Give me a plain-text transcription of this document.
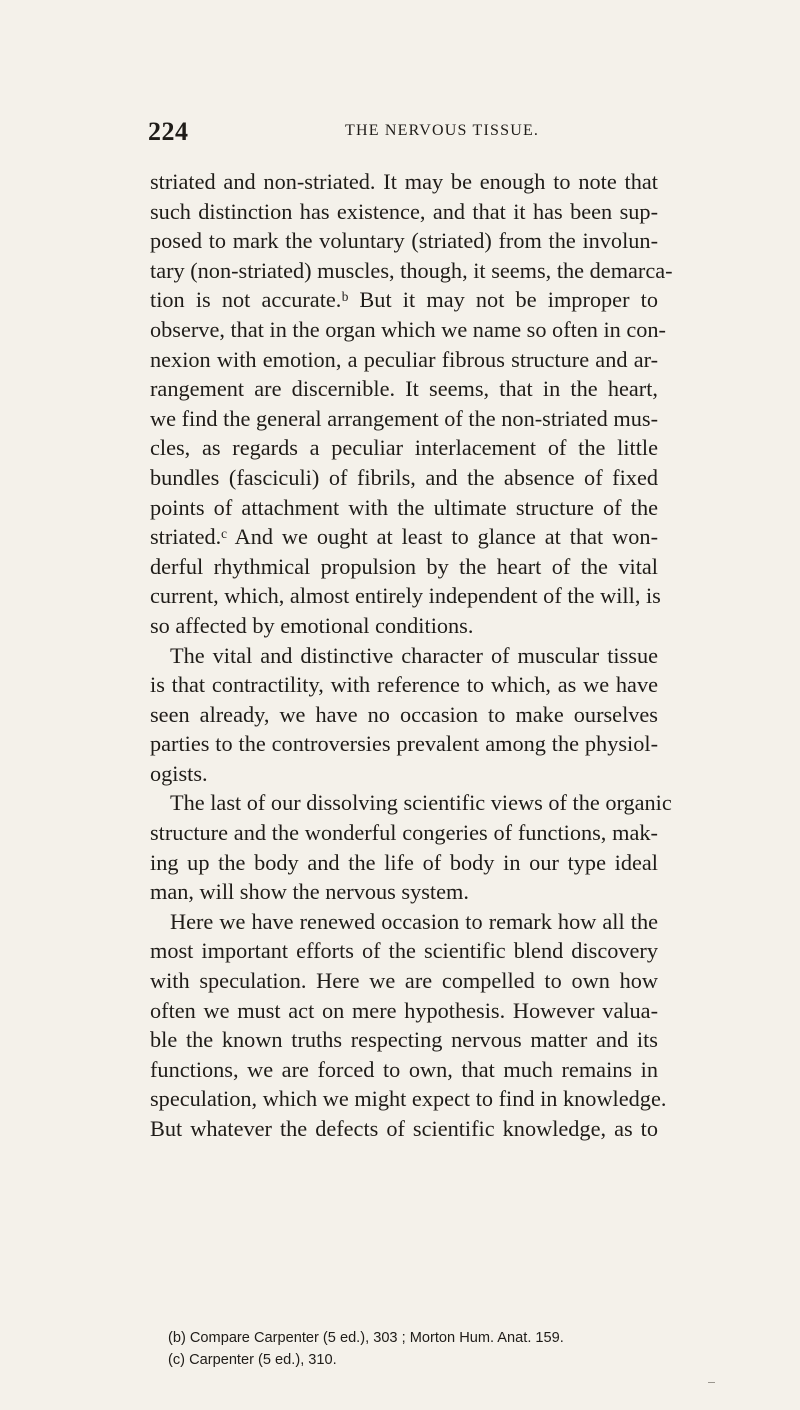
224	THE NERVOUS TISSUE.
striated and non-striated. It may be enough to note that
such distinction has existence, and that it has been sup-
posed to mark the voluntary (striated) from the involun-
tary (non-striated) muscles, though, it seems, the demarca-
tion is not accurate.ᵇ But it may not be improper to
observe, that in the organ which we name so often in con-
nexion with emotion, a peculiar fibrous structure and ar-
rangement are discernible. It seems, that in the heart,
we find the general arrangement of the non-striated mus-
cles, as regards a peculiar interlacement of the little
bundles (fasciculi) of fibrils, and the absence of fixed
points of attachment with the ultimate structure of the
striated.ᶜ And we ought at least to glance at that won-
derful rhythmical propulsion by the heart of the vital
current, which, almost entirely independent of the will, is
so affected by emotional conditions.
The vital and distinctive character of muscular tissue
is that contractility, with reference to which, as we have
seen already, we have no occasion to make ourselves
parties to the controversies prevalent among the physiol-
ogists.
The last of our dissolving scientific views of the organic
structure and the wonderful congeries of functions, mak-
ing up the body and the life of body in our type ideal
man, will show the nervous system.
Here we have renewed occasion to remark how all the
most important efforts of the scientific blend discovery
with speculation. Here we are compelled to own how
often we must act on mere hypothesis. However valua-
ble the known truths respecting nervous matter and its
functions, we are forced to own, that much remains in
speculation, which we might expect to find in knowledge.
But whatever the defects of scientific knowledge, as to
(b) Compare Carpenter (5 ed.), 303 ; Morton Hum. Anat. 159.
(c) Carpenter (5 ed.), 310.
